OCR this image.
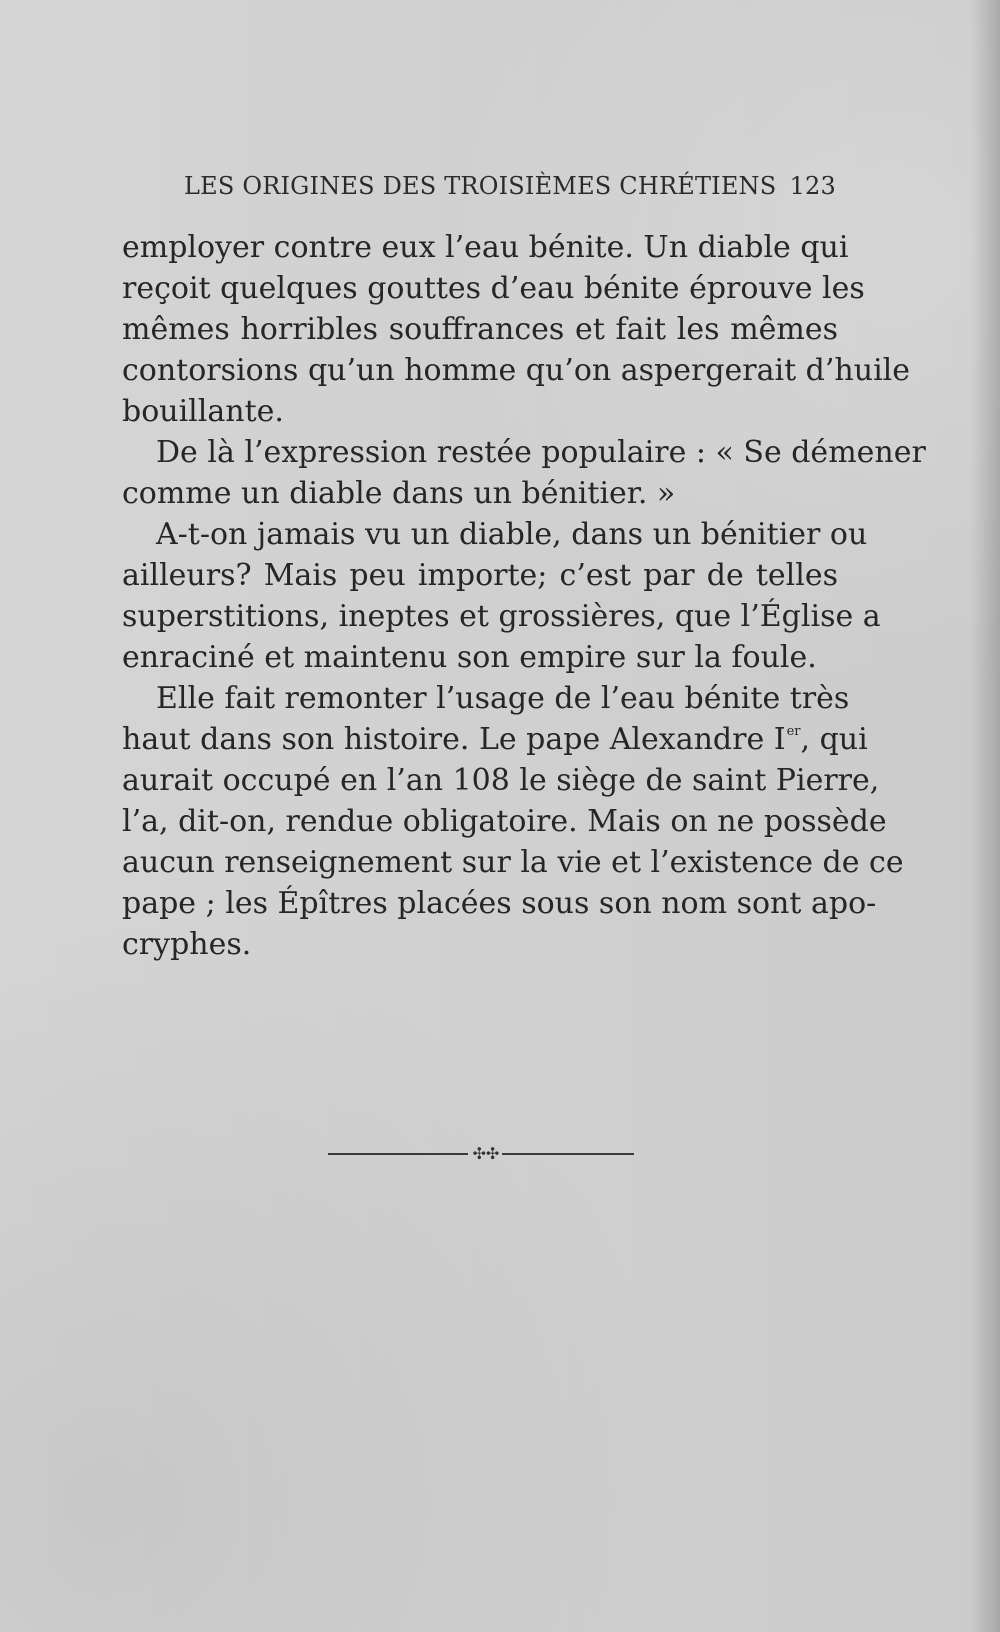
LES ORIGINES DES TROISIÈMES CHRÉTIENS 123
employer contre eux l’eau bénite. Un diable qui
reçoit quelques gouttes d’eau bénite éprouve les
mêmes horribles souffrances et fait les mêmes
contorsions qu’un homme qu’on aspergerait d’huile
bouillante.
De là l’expression restée populaire : « Se démener
comme un diable dans un bénitier. »
A-t-on jamais vu un diable, dans un bénitier ou
ailleurs? Mais peu importe; c’est par de telles
superstitions, ineptes et grossières, que l’Église a
enraciné et maintenu son empire sur la foule.
Elle fait remonter l’usage de l’eau bénite très
haut dans son histoire. Le pape Alexandre Ier , qui
aurait occupé en l’an 108 le siège de saint Pierre,
l’a, dit-on, rendue obligatoire. Mais on ne possède
aucun renseignement sur la vie et l’existence de ce
pape ; les Épîtres placées sous son nom sont apo-
cryphes.
✣✣
